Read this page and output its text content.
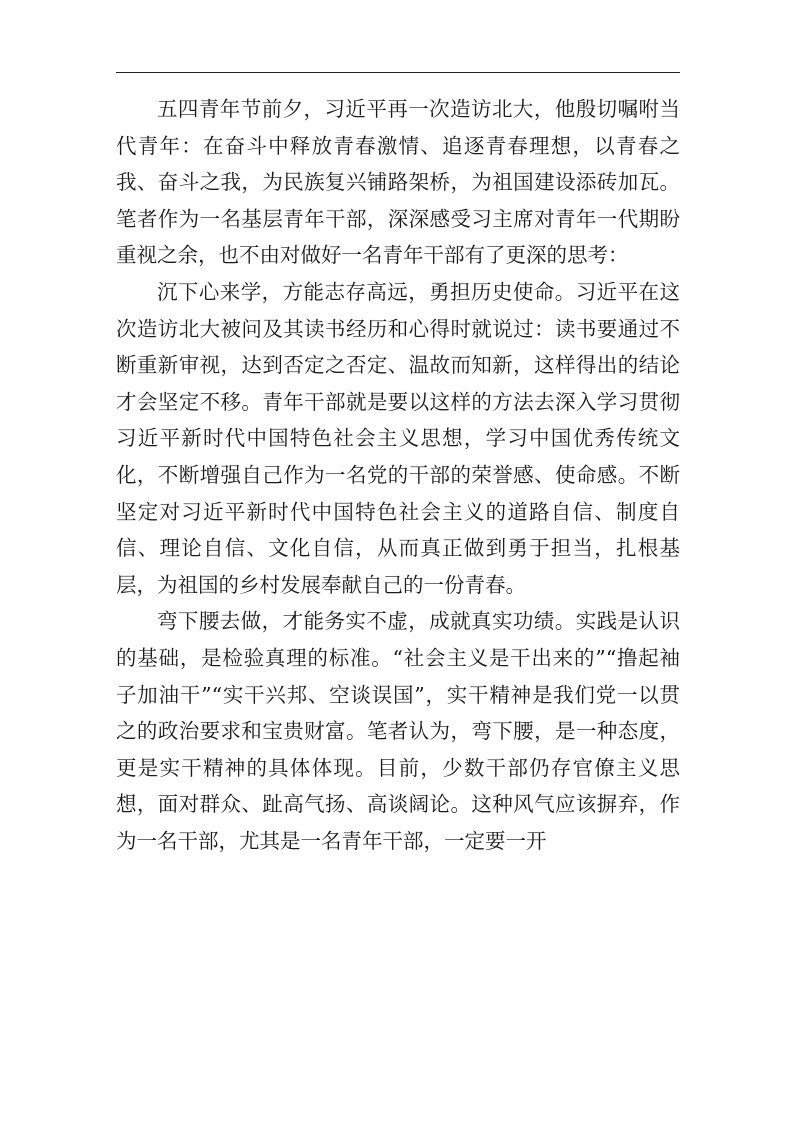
五四青年节前夕，习近平再一次造访北大，他殷切嘱咐当代青年：在奋斗中释放青春激情、追逐青春理想，以青春之我、奋斗之我，为民族复兴铺路架桥，为祖国建设添砖加瓦。笔者作为一名基层青年干部，深深感受习主席对青年一代期盼重视之余，也不由对做好一名青年干部有了更深的思考：

沉下心来学，方能志存高远，勇担历史使命。习近平在这次造访北大被问及其读书经历和心得时就说过：读书要通过不断重新审视，达到否定之否定、温故而知新，这样得出的结论才会坚定不移。青年干部就是要以这样的方法去深入学习贯彻习近平新时代中国特色社会主义思想，学习中国优秀传统文化，不断增强自己作为一名党的干部的荣誉感、使命感。不断坚定对习近平新时代中国特色社会主义的道路自信、制度自信、理论自信、文化自信，从而真正做到勇于担当，扎根基层，为祖国的乡村发展奉献自己的一份青春。

弯下腰去做，才能务实不虚，成就真实功绩。实践是认识的基础，是检验真理的标准。“社会主义是干出来的”“撸起袖子加油干”“实干兴邦、空谈误国”，实干精神是我们党一以贯之的政治要求和宝贵财富。笔者认为，弯下腰，是一种态度，更是实干精神的具体体现。目前，少数干部仍存官僚主义思想，面对群众、趾高气扬、高谈阔论。这种风气应该摒弃，作为一名干部，尤其是一名青年干部，一定要一开
